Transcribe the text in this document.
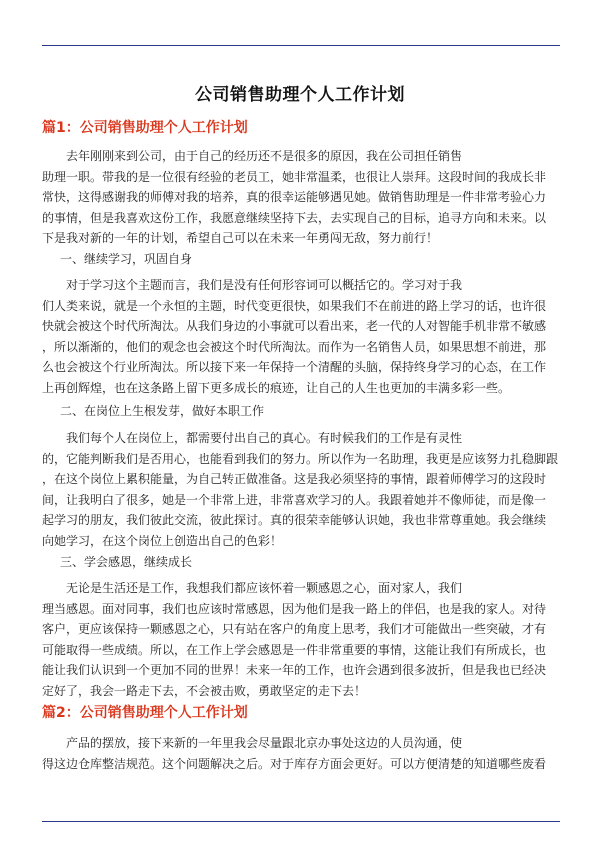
公司销售助理个人工作计划
篇1：公司销售助理个人工作计划
　　去年刚刚来到公司，由于自己的经历还不是很多的原因，我在公司担任销售
助理一职。带我的是一位很有经验的老员工，她非常温柔，也很让人崇拜。这段时间的我成长非
常快，这得感谢我的师傅对我的培养，真的很幸运能够遇见她。做销售助理是一件非常考验心力
的事情，但是我喜欢这份工作，我愿意继续坚持下去，去实现自己的目标，追寻方向和未来。以
下是我对新的一年的计划，希望自己可以在未来一年勇闯无敌，努力前行！
一、继续学习，巩固自身
　　对于学习这个主题而言，我们是没有任何形容词可以概括它的。学习对于我
们人类来说，就是一个永恒的主题，时代变更很快，如果我们不在前进的路上学习的话，也许很
快就会被这个时代所淘汰。从我们身边的小事就可以看出来，老一代的人对智能手机非常不敏感
，所以渐渐的，他们的观念也会被这个时代所淘汰。而作为一名销售人员，如果思想不前进，那
么也会被这个行业所淘汰。所以接下来一年保持一个清醒的头脑，保持终身学习的心态，在工作
上再创辉煌，也在这条路上留下更多成长的痕迹，让自己的人生也更加的丰满多彩一些。
二、在岗位上生根发芽，做好本职工作
　　我们每个人在岗位上，都需要付出自己的真心。有时候我们的工作是有灵性
的，它能判断我们是否用心，也能看到我们的努力。所以作为一名助理，我更是应该努力扎稳脚跟
，在这个岗位上累积能量，为自己转正做准备。这是我必须坚持的事情，跟着师傅学习的这段时
间，让我明白了很多，她是一个非常上进，非常喜欢学习的人。我跟着她并不像师徒，而是像一
起学习的朋友，我们彼此交流，彼此探讨。真的很荣幸能够认识她，我也非常尊重她。我会继续
向她学习，在这个岗位上创造出自己的色彩！
三、学会感恩，继续成长
　　无论是生活还是工作，我想我们都应该怀着一颗感恩之心，面对家人，我们
理当感恩。面对同事，我们也应该时常感恩，因为他们是我一路上的伴侣，也是我的家人。对待
客户，更应该保持一颗感恩之心，只有站在客户的角度上思考，我们才可能做出一些突破，才有
可能取得一些成绩。所以，在工作上学会感恩是一件非常重要的事情，这能让我们有所成长，也
能让我们认识到一个更加不同的世界！未来一年的工作，也许会遇到很多波折，但是我也已经决
定好了，我会一路走下去，不会被击败，勇敢坚定的走下去！
篇2：公司销售助理个人工作计划
　　产品的摆放，接下来新的一年里我会尽量跟北京办事处这边的人员沟通，使
得这边仓库整洁规范。这个问题解决之后。对于库存方面会更好。可以方便清楚的知道哪些废看
